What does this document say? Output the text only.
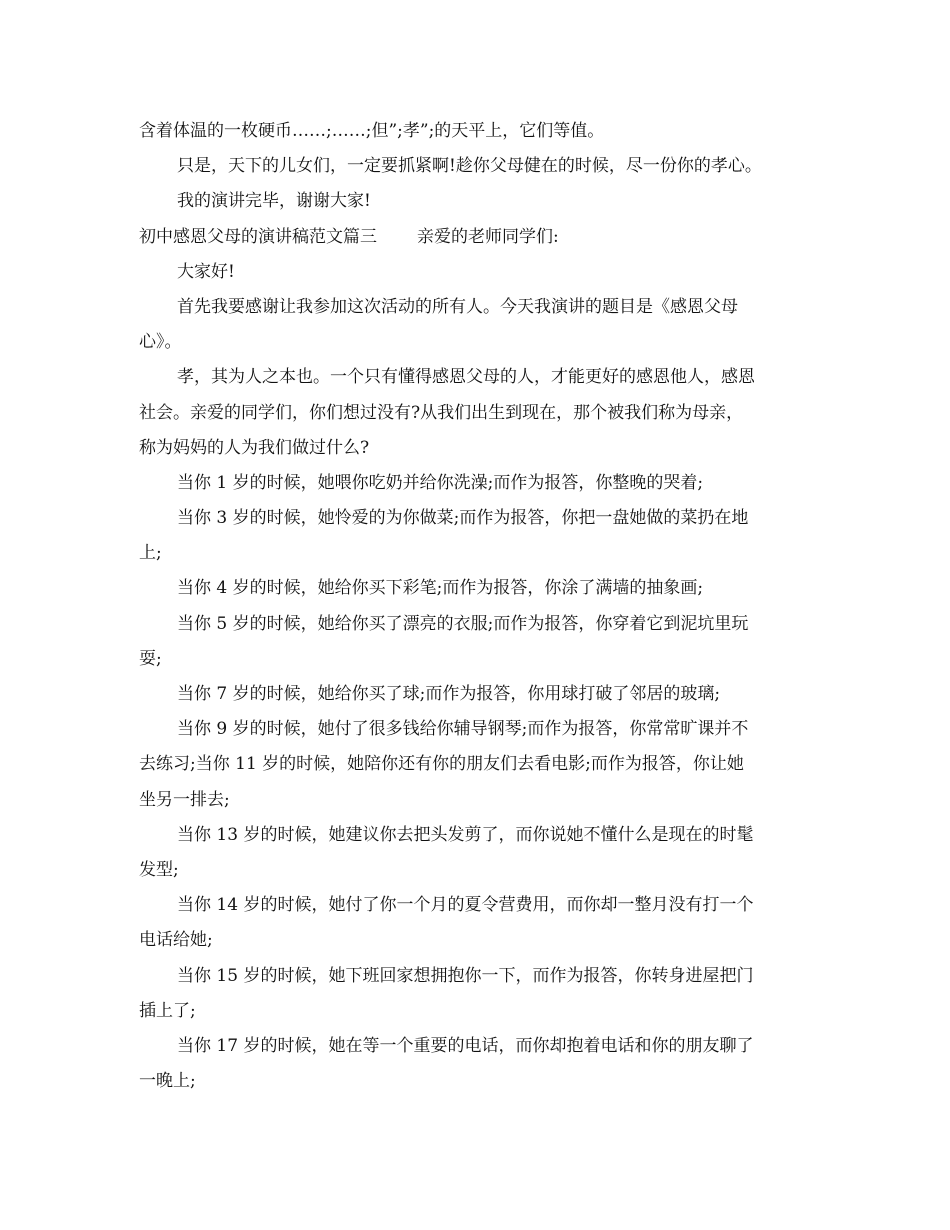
含着体温的一枚硬币……;……;但”;孝”;的天平上，它们等值。
只是，天下的儿女们，一定要抓紧啊!趁你父母健在的时候，尽一份你的孝心。
我的演讲完毕，谢谢大家!
初中感恩父母的演讲稿范文篇三 亲爱的老师同学们:
大家好!
首先我要感谢让我参加这次活动的所有人。今天我演讲的题目是《感恩父母
心》。
孝，其为人之本也。一个只有懂得感恩父母的人，才能更好的感恩他人，感恩
社会。亲爱的同学们，你们想过没有?从我们出生到现在，那个被我们称为母亲，
称为妈妈的人为我们做过什么?
当你 1 岁的时候，她喂你吃奶并给你洗澡;而作为报答，你整晚的哭着;
当你 3 岁的时候，她怜爱的为你做菜;而作为报答，你把一盘她做的菜扔在地
上;
当你 4 岁的时候，她给你买下彩笔;而作为报答，你涂了满墙的抽象画;
当你 5 岁的时候，她给你买了漂亮的衣服;而作为报答，你穿着它到泥坑里玩
耍;
当你 7 岁的时候，她给你买了球;而作为报答，你用球打破了邻居的玻璃;
当你 9 岁的时候，她付了很多钱给你辅导钢琴;而作为报答，你常常旷课并不
去练习;当你 11 岁的时候，她陪你还有你的朋友们去看电影;而作为报答，你让她
坐另一排去;
当你 13 岁的时候，她建议你去把头发剪了，而你说她不懂什么是现在的时髦
发型;
当你 14 岁的时候，她付了你一个月的夏令营费用，而你却一整月没有打一个
电话给她;
当你 15 岁的时候，她下班回家想拥抱你一下，而作为报答，你转身进屋把门
插上了;
当你 17 岁的时候，她在等一个重要的电话，而你却抱着电话和你的朋友聊了
一晚上;
